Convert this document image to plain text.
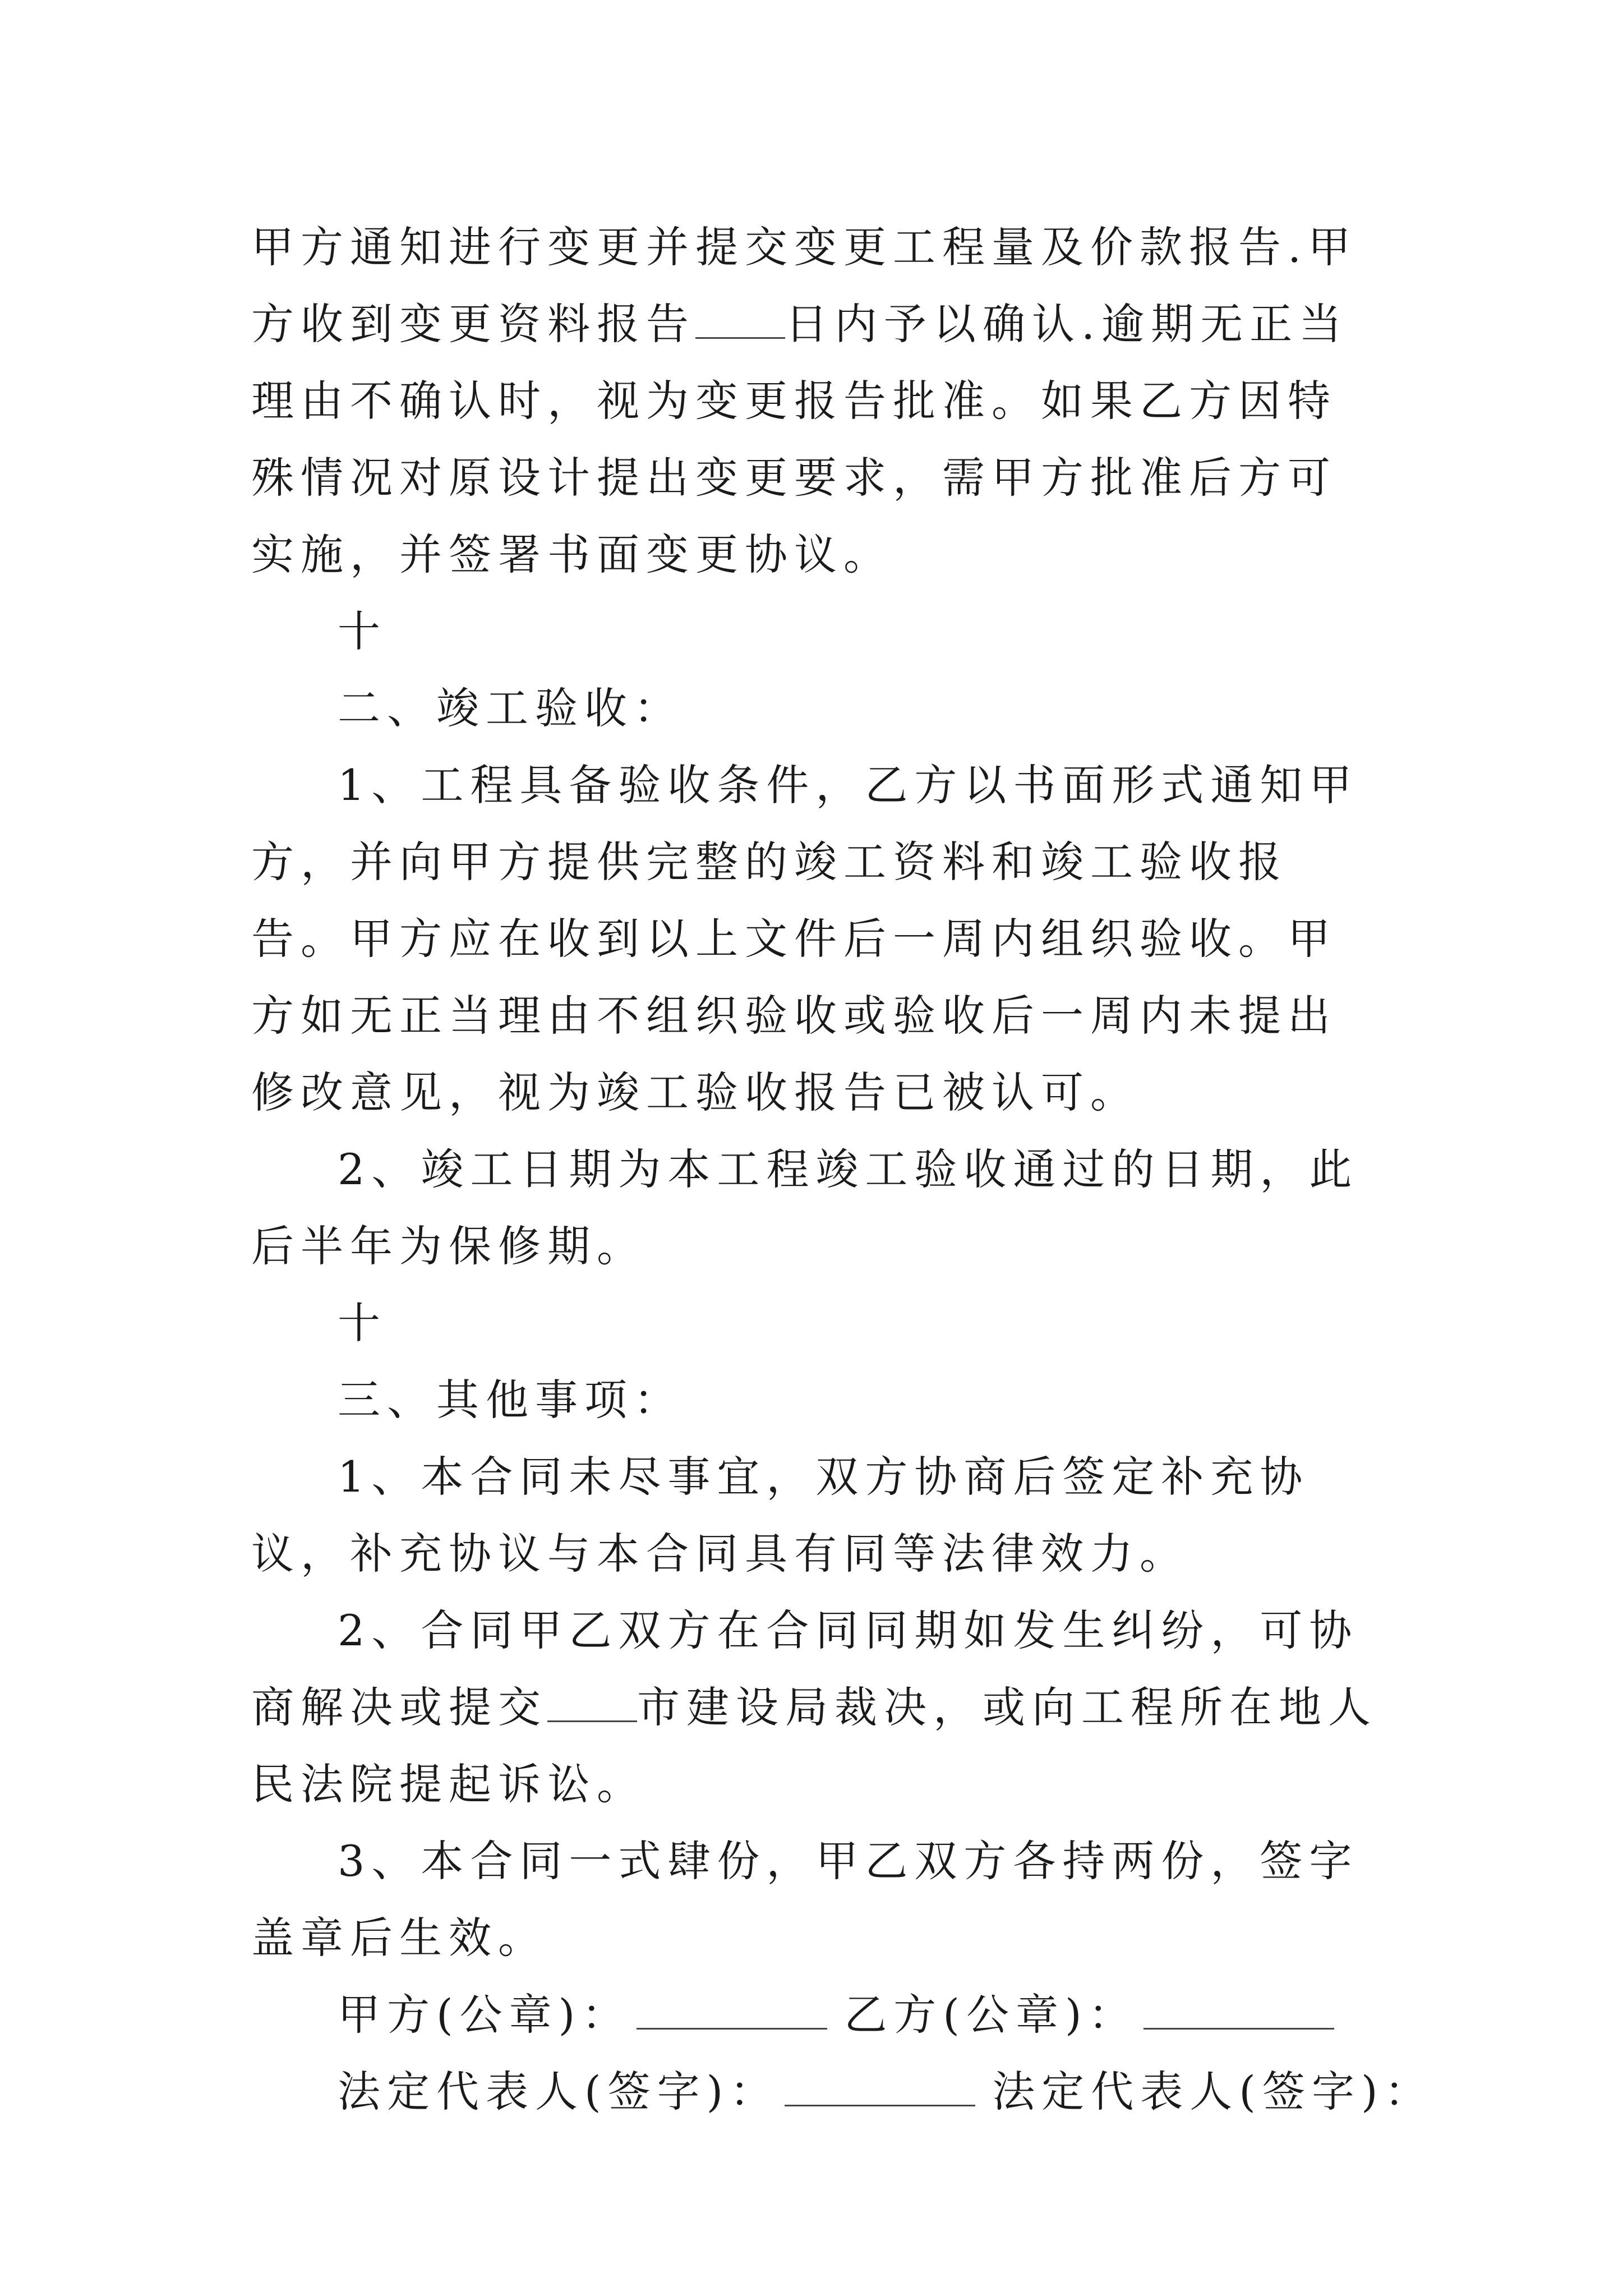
甲方通知进行变更并提交变更工程量及价款报告.甲方收到变更资料报告 日内予以确认.逾期无正当理由不确认时，视为变更报告批准。如果乙方因特殊情况对原设计提出变更要求，需甲方批准后方可实施，并签署书面变更协议。

十

二、竣工验收：

1、工程具备验收条件，乙方以书面形式通知甲方，并向甲方提供完整的竣工资料和竣工验收报告。甲方应在收到以上文件后一周内组织验收。甲方如无正当理由不组织验收或验收后一周内未提出修改意见，视为竣工验收报告已被认可。

2、竣工日期为本工程竣工验收通过的日期，此后半年为保修期。

十

三、其他事项：

1、本合同未尽事宜，双方协商后签定补充协议，补充协议与本合同具有同等法律效力。

2、合同甲乙双方在合同同期如发生纠纷，可协商解决或提交 市建设局裁决，或向工程所在地人民法院提起诉讼。

3、本合同一式肆份，甲乙双方各持两份，签字盖章后生效。

甲方(公章)：	乙方(公章)：

法定代表人(签字)：	法定代表人(签字)：
